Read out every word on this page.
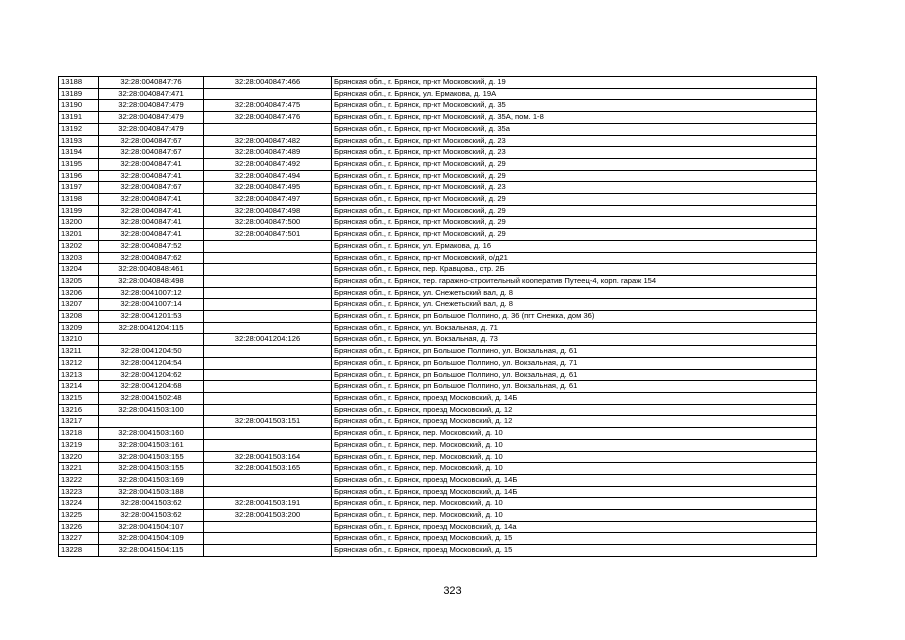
13188	32:28:0040847:76	32:28:0040847:466	Брянская обл., г. Брянск, пр-кт Московский, д. 19
13189	32:28:0040847:471		Брянская обл., г. Брянск, ул. Ермакова, д. 19А
13190	32:28:0040847:479	32:28:0040847:475	Брянская обл., г. Брянск, пр-кт Московский, д. 35
13191	32:28:0040847:479	32:28:0040847:476	Брянская обл., г. Брянск, пр-кт Московский, д. 35А, пом. 1-8
13192	32:28:0040847:479		Брянская обл., г. Брянск, пр-кт Московский, д. 35а
13193	32:28:0040847:67	32:28:0040847:482	Брянская обл., г. Брянск, пр-кт Московский, д. 23
13194	32:28:0040847:67	32:28:0040847:489	Брянская обл., г. Брянск, пр-кт Московский, д. 23
13195	32:28:0040847:41	32:28:0040847:492	Брянская обл., г. Брянск, пр-кт Московский, д. 29
13196	32:28:0040847:41	32:28:0040847:494	Брянская обл., г. Брянск, пр-кт Московский, д. 29
13197	32:28:0040847:67	32:28:0040847:495	Брянская обл., г. Брянск, пр-кт Московский, д. 23
13198	32:28:0040847:41	32:28:0040847:497	Брянская обл., г. Брянск, пр-кт Московский, д. 29
13199	32:28:0040847:41	32:28:0040847:498	Брянская обл., г. Брянск, пр-кт Московский, д. 29
13200	32:28:0040847:41	32:28:0040847:500	Брянская обл., г. Брянск, пр-кт Московский, д. 29
13201	32:28:0040847:41	32:28:0040847:501	Брянская обл., г. Брянск, пр-кт Московский, д. 29
13202	32:28:0040847:52		Брянская обл., г. Брянск, ул. Ермакова, д. 16
13203	32:28:0040847:62		Брянская обл., г. Брянск, пр-кт Московский, о/д21
13204	32:28:0040848:461		Брянская обл., г. Брянск, пер. Кравцова., стр. 2Б
13205	32:28:0040848:498		Брянская обл., г. Брянск, тер. гаражно-строительный кооператив Путеец-4, корп. гараж 154
13206	32:28:0041007:12		Брянская обл., г. Брянск, ул. Снежетьский вал, д. 8
13207	32:28:0041007:14		Брянская обл., г. Брянск, ул. Снежетьский вал, д. 8
13208	32:28:0041201:53		Брянская обл., г. Брянск, рп Большое Полпино, д. 36 (пгт Снежка, дом 36)
13209	32:28:0041204:115		Брянская обл., г. Брянск, ул. Вокзальная, д. 71
13210		32:28:0041204:126	Брянская обл., г. Брянск, ул. Вокзальная, д. 73
13211	32:28:0041204:50		Брянская обл., г. Брянск, рп Большое Полпино, ул. Вокзальная, д. 61
13212	32:28:0041204:54		Брянская обл., г. Брянск, рп Большое Полпино, ул. Вокзальная, д. 71
13213	32:28:0041204:62		Брянская обл., г. Брянск, рп Большое Полпино, ул. Вокзальная, д. 61
13214	32:28:0041204:68		Брянская обл., г. Брянск, рп Большое Полпино, ул. Вокзальная, д. 61
13215	32:28:0041502:48		Брянская обл., г. Брянск, проезд Московский, д. 14Б
13216	32:28:0041503:100		Брянская обл., г. Брянск, проезд Московский, д. 12
13217		32:28:0041503:151	Брянская обл., г. Брянск, проезд Московский, д. 12
13218	32:28:0041503:160		Брянская обл., г. Брянск, пер. Московский, д. 10
13219	32:28:0041503:161		Брянская обл., г. Брянск, пер. Московский, д. 10
13220	32:28:0041503:155	32:28:0041503:164	Брянская обл., г. Брянск, пер. Московский, д. 10
13221	32:28:0041503:155	32:28:0041503:165	Брянская обл., г. Брянск, пер. Московский, д. 10
13222	32:28:0041503:169		Брянская обл., г. Брянск, проезд Московский, д. 14Б
13223	32:28:0041503:188		Брянская обл., г. Брянск, проезд Московский, д. 14Б
13224	32:28:0041503:62	32:28:0041503:191	Брянская обл., г. Брянск, пер. Московский, д. 10
13225	32:28:0041503:62	32:28:0041503:200	Брянская обл., г. Брянск, пер. Московский, д. 10
13226	32:28:0041504:107		Брянская обл., г. Брянск, проезд Московский, д. 14а
13227	32:28:0041504:109		Брянская обл., г. Брянск, проезд Московский, д. 15
13228	32:28:0041504:115		Брянская обл., г. Брянск, проезд Московский, д. 15
323
